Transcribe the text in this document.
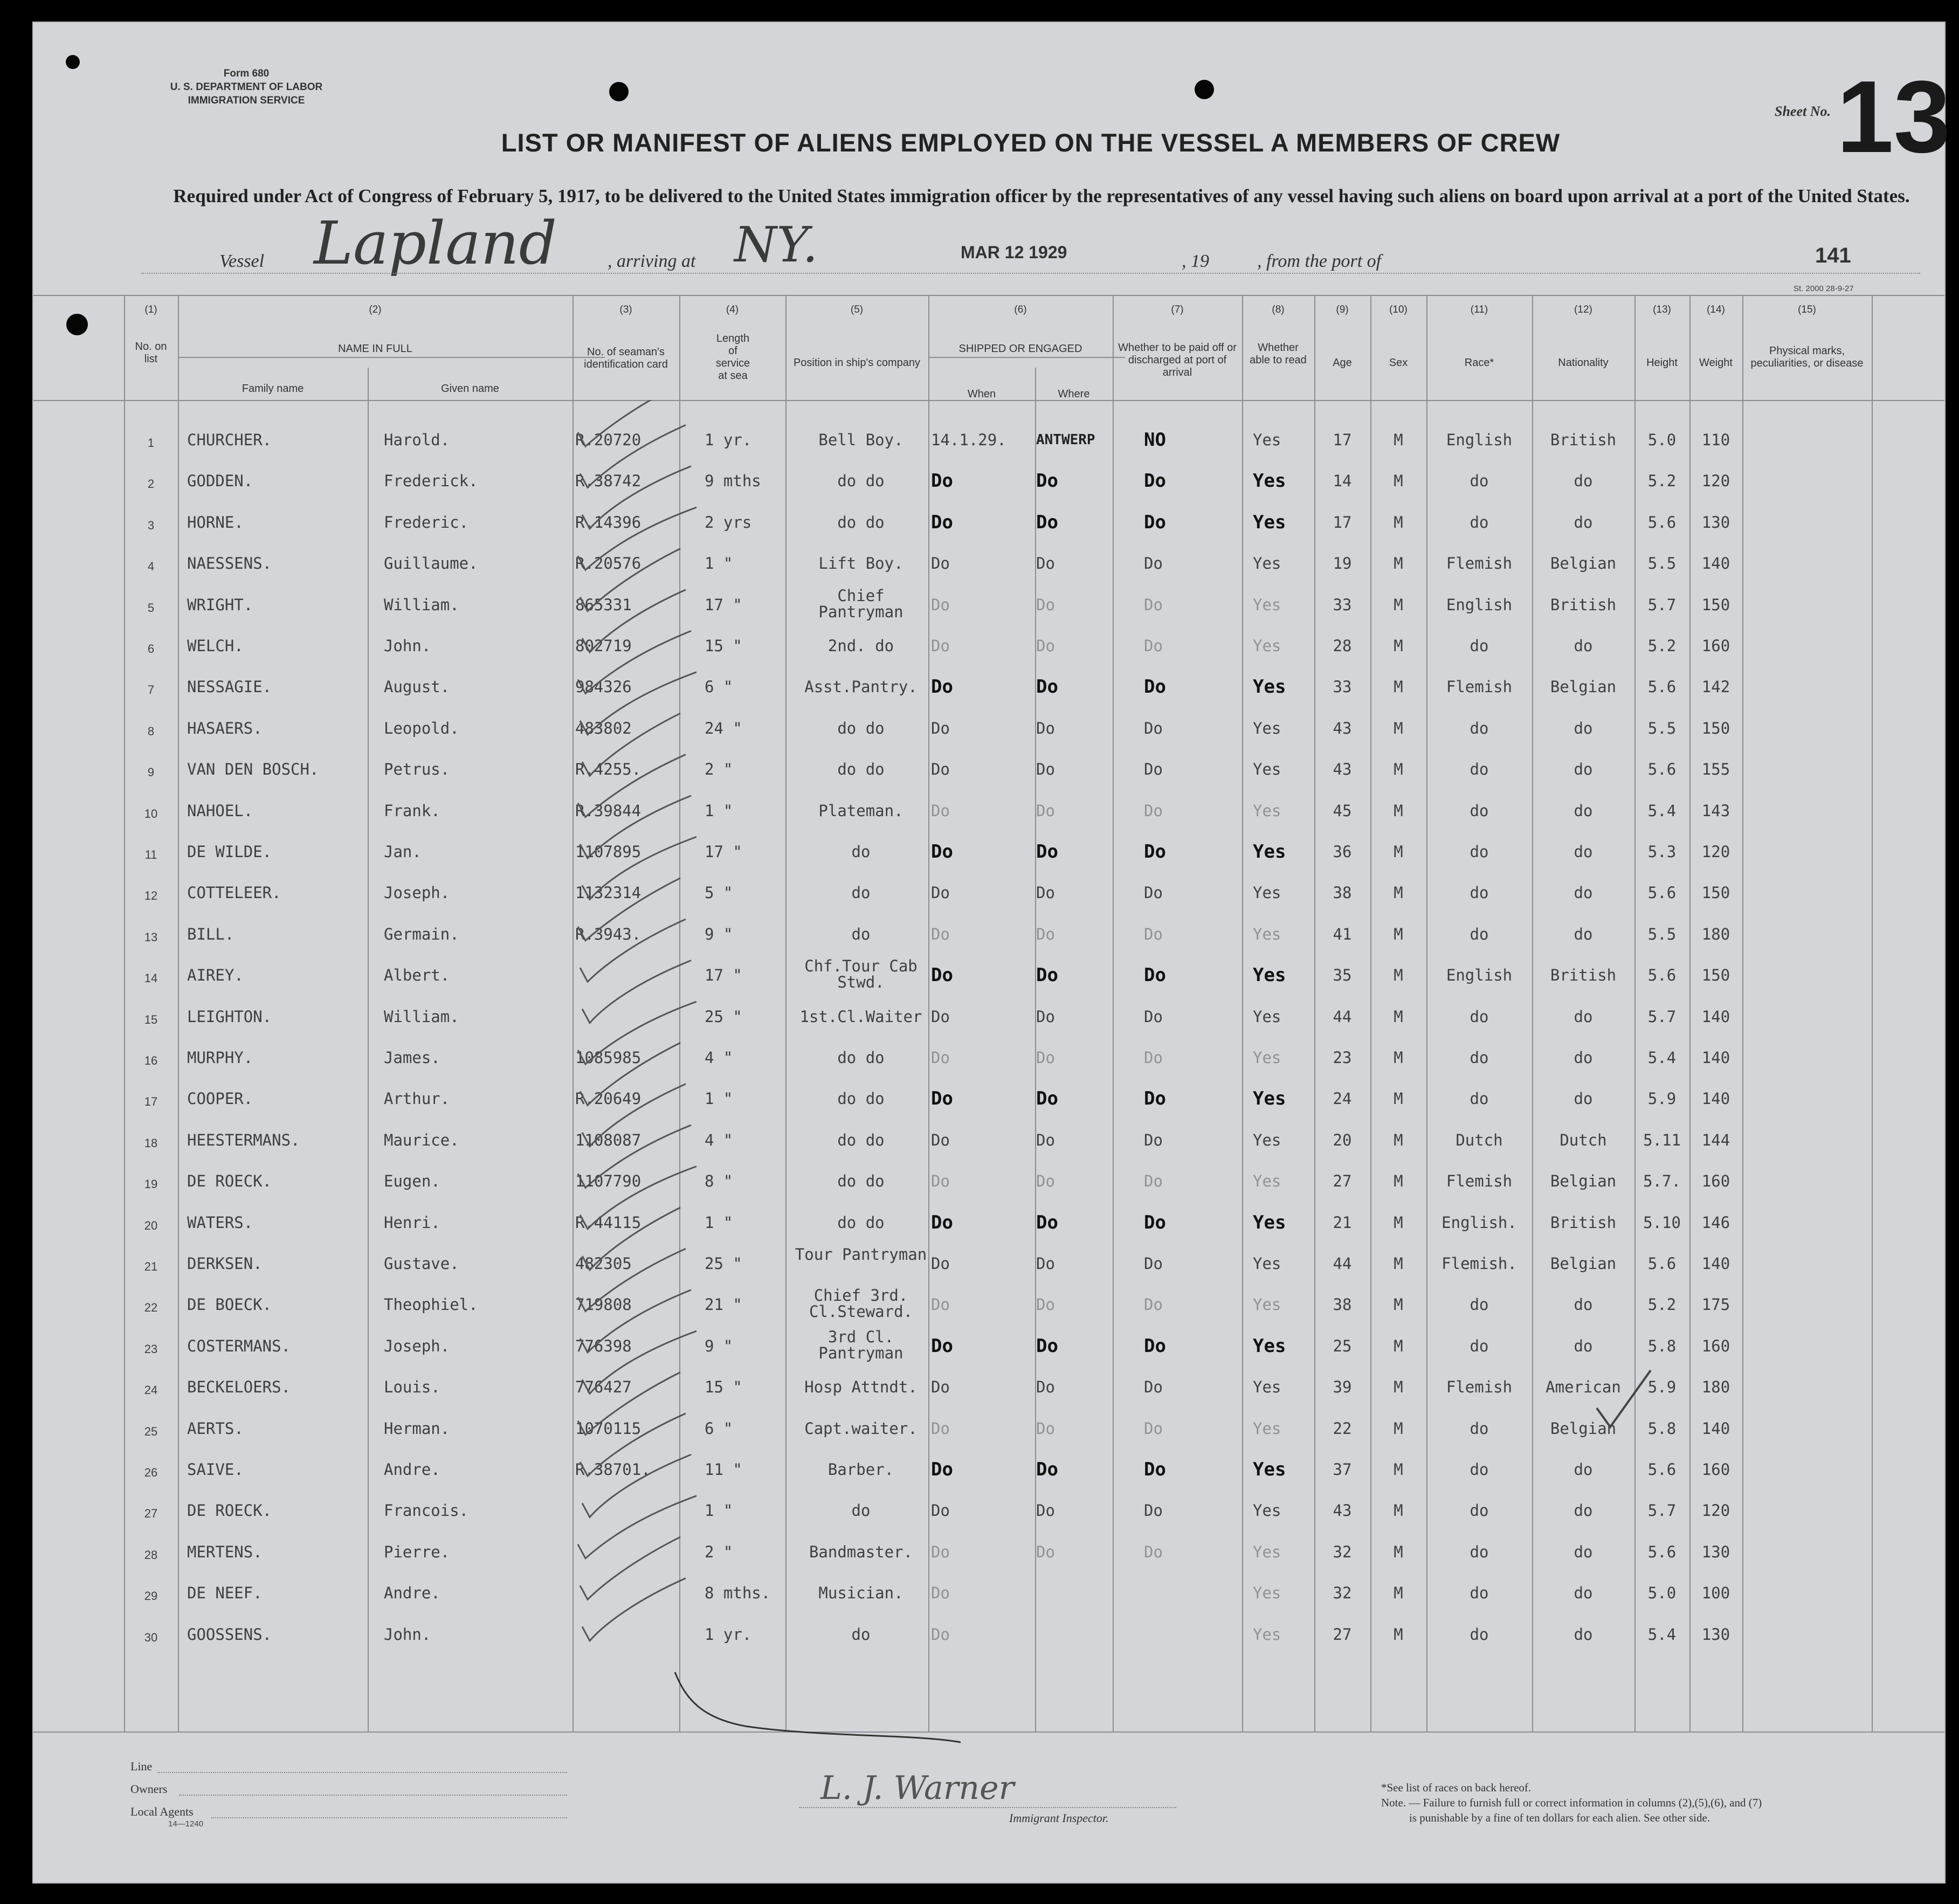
Form 680
U. S. DEPARTMENT OF LABOR
IMMIGRATION SERVICE
Sheet No. 13
LIST OR MANIFEST OF ALIENS EMPLOYED ON THE VESSEL A MEMBERS OF CREW
Required under Act of Congress of February 5, 1917, to be delivered to the United States immigration officer by the representatives of any vessel having such aliens on board upon arrival at a port of the United States.
Vessel Lapland	, arriving at NY.	MAR 12 1929	, 19	, from the port of	141
St. 2000 28-9-27
(1)	(2)	(3)	(4)	(5)	(6)	(7)	(8)	(9)	(10)	(11)	(12)	(13)	(14)	(15)
No. on list
NAME IN FULL
Family name	Given name
No. of seaman's identification card
Length of service at sea
Position in ship's company
SHIPPED OR ENGAGED
When	Where
Whether to be paid off or discharged at port of arrival
Whether able to read	Age	Sex	Race*	Nationality	Height	Weight
Physical marks, peculiarities, or disease
1	CHURCHER.	Harold.	R.20720	1 yr.	Bell Boy.	14.1.29.	ANTWERP	NO	Yes	17	M	English	British	5.0	110
2	GODDEN.	Frederick.	R.38742	9 mths	do do	Do	Do	Do	Yes	14	M	do	do	5.2	120
3	HORNE.	Frederic.	R.14396	2 yrs	do do	Do	Do	Do	Yes	17	M	do	do	5.6	130
4	NAESSENS.	Guillaume.	R.20576	1 "	Lift Boy.	Do	Do	Do	Yes	19	M	Flemish	Belgian	5.5	140
5	WRIGHT.	William.	865331	17 "	Chief Pantryman	Do	Do	Do	Yes	33	M	English	British	5.7	150
6	WELCH.	John.	802719	15 "	2nd. do	Do	Do	Do	Yes	28	M	do	do	5.2	160
7	NESSAGIE.	August.	984326	6 "	Asst.Pantry. Do	Do	Do	Yes	33	M	Flemish	Belgian	5.6	142
8	HASAERS.	Leopold.	483802	24 "	do do	Do	Do	Do	Yes	43	M	do	do	5.5	150
9	VAN DEN BOSCH.	Petrus.	R.4255.	2 "	do do	Do	Do	Do	Yes	43	M	do	do	5.6	155
10	NAHOEL.	Frank.	R.39844	1 "	Plateman.	Do	Do	Do	Yes	45	M	do	do	5.4	143
11	DE WILDE.	Jan.	1107895	17 "	do	Do	Do	Do	Yes	36	M	do	do	5.3	120
12	COTTELEER.	Joseph.	1132314	5 "	do	Do	Do	Do	Yes	38	M	do	do	5.6	150
13	BILL.	Germain.	R.3943.	9 "	do	Do	Do	Do	Yes	41	M	do	do	5.5	180
14	AIREY.	Albert.	17 "	Chf.Tour Cab Stwd.	Do	Do	Do	Yes	35	M	English	British	5.6	150
15	LEIGHTON.	William.	25 "	1st.Cl.Waiter Do	Do	Do	Yes	44	M	do	do	5.7	140
16	MURPHY.	James.	1085985	4 "	do do	Do	Do	Do	Yes	23	M	do	do	5.4	140
17	COOPER.	Arthur.	R.20649	1 "	do do	Do	Do	Do	Yes	24	M	do	do	5.9	140
18	HEESTERMANS.	Maurice.	1108087	4 "	do do	Do	Do	Do	Yes	20	M	Dutch	Dutch	5.11	144
19	DE ROECK.	Eugen.	1107790	8 "	do do	Do	Do	Do	Yes	27	M	Flemish	Belgian	5.7.	160
20	WATERS.	Henri.	R.44115	1 "	do do	Do	Do	Do	Yes	21	M	English.	British	5.10	146
21	DERKSEN.	Gustave.	482305	25 "	Tour Pantryman Do	Do	Do	Yes	44	M	Flemish.	Belgian	5.6	140
22	DE BOECK.	Theophiel.	719808	21 "	Chief 3rd. Cl.Steward.	Do	Do	Do	Yes	38	M	do	do	5.2	175
23	COSTERMANS.	Joseph.	776398	9 "	3rd Cl. Pantryman	Do	Do	Do	Yes	25	M	do	do	5.8	160
24	BECKELOERS.	Louis.	776427	15 "	Hosp Attndt. Do	Do	Do	Yes	39	M	Flemish	American	5.9	180
25	AERTS.	Herman.	1070115	6 "	Capt.waiter. Do	Do	Do	Yes	22	M	do	Belgian	5.8	140
26	SAIVE.	Andre.	R.38701.	11 "	Barber.	Do	Do	Do	Yes	37	M	do	do	5.6	160
27	DE ROECK.	Francois.	1 "	do	Do	Do	Do	Yes	43	M	do	do	5.7	120
28	MERTENS.	Pierre.	2 "	Bandmaster.	Do	Do	Do	Yes	32	M	do	do	5.6	130
29	DE NEEF.	Andre.	8 mths.	Musician.	Do	Yes	32	M	do	do	5.0	100
30	GOOSSENS.	John.	1 yr.	do	Do	Yes	27	M	do	do	5.4	130
Line
Owners
Local Agents
14—1240
L. J. Warner
Immigrant Inspector.
*See list of races on back hereof.
Note. — Failure to furnish full or correct information in columns (2),(5),(6), and (7)
is punishable by a fine of ten dollars for each alien. See other side.
